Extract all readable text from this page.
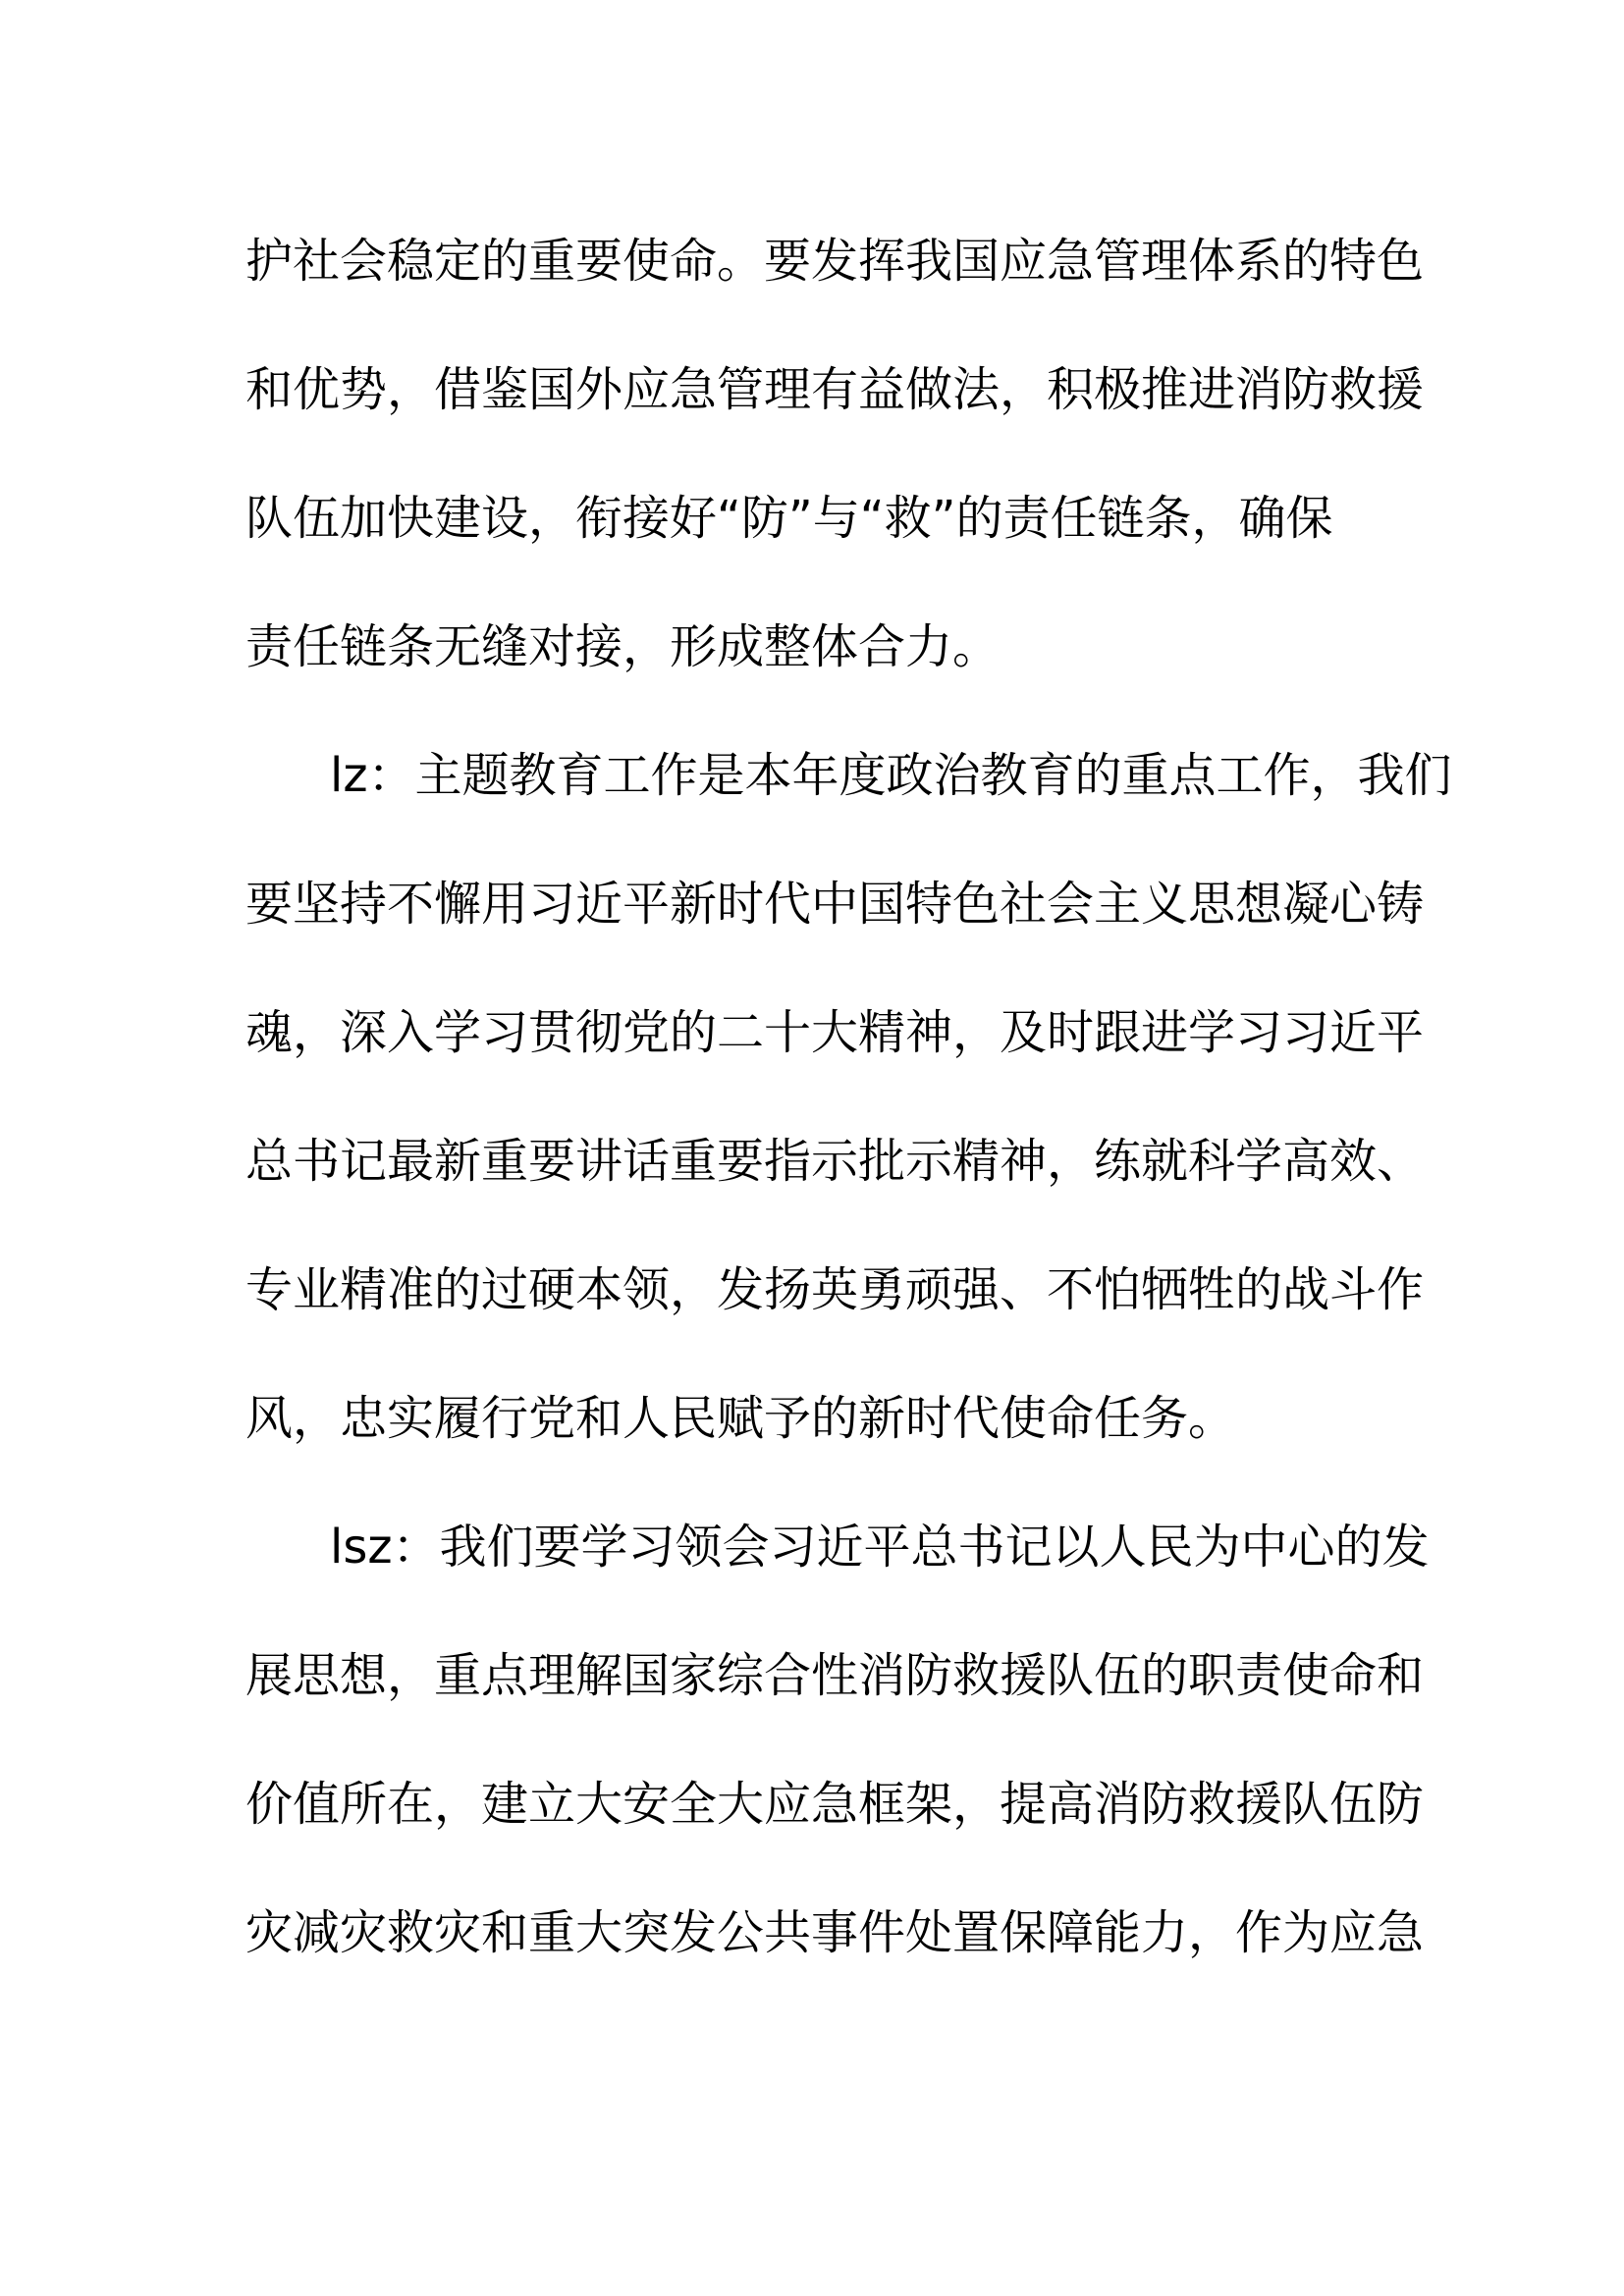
护社会稳定的重要使命。要发挥我国应急管理体系的特色

和优势，借鉴国外应急管理有益做法，积极推进消防救援

队伍加快建设，衔接好“防”与“救”的责任链条，确保

责任链条无缝对接，形成整体合力。

lz：主题教育工作是本年度政治教育的重点工作，我们

要坚持不懈用习近平新时代中国特色社会主义思想凝心铸

魂，深入学习贯彻党的二十大精神，及时跟进学习习近平

总书记最新重要讲话重要指示批示精神，练就科学高效、

专业精准的过硬本领，发扬英勇顽强、不怕牺牲的战斗作

风，忠实履行党和人民赋予的新时代使命任务。

lsz：我们要学习领会习近平总书记以人民为中心的发

展思想，重点理解国家综合性消防救援队伍的职责使命和

价值所在，建立大安全大应急框架，提高消防救援队伍防

灾减灾救灾和重大突发公共事件处置保障能力，作为应急
